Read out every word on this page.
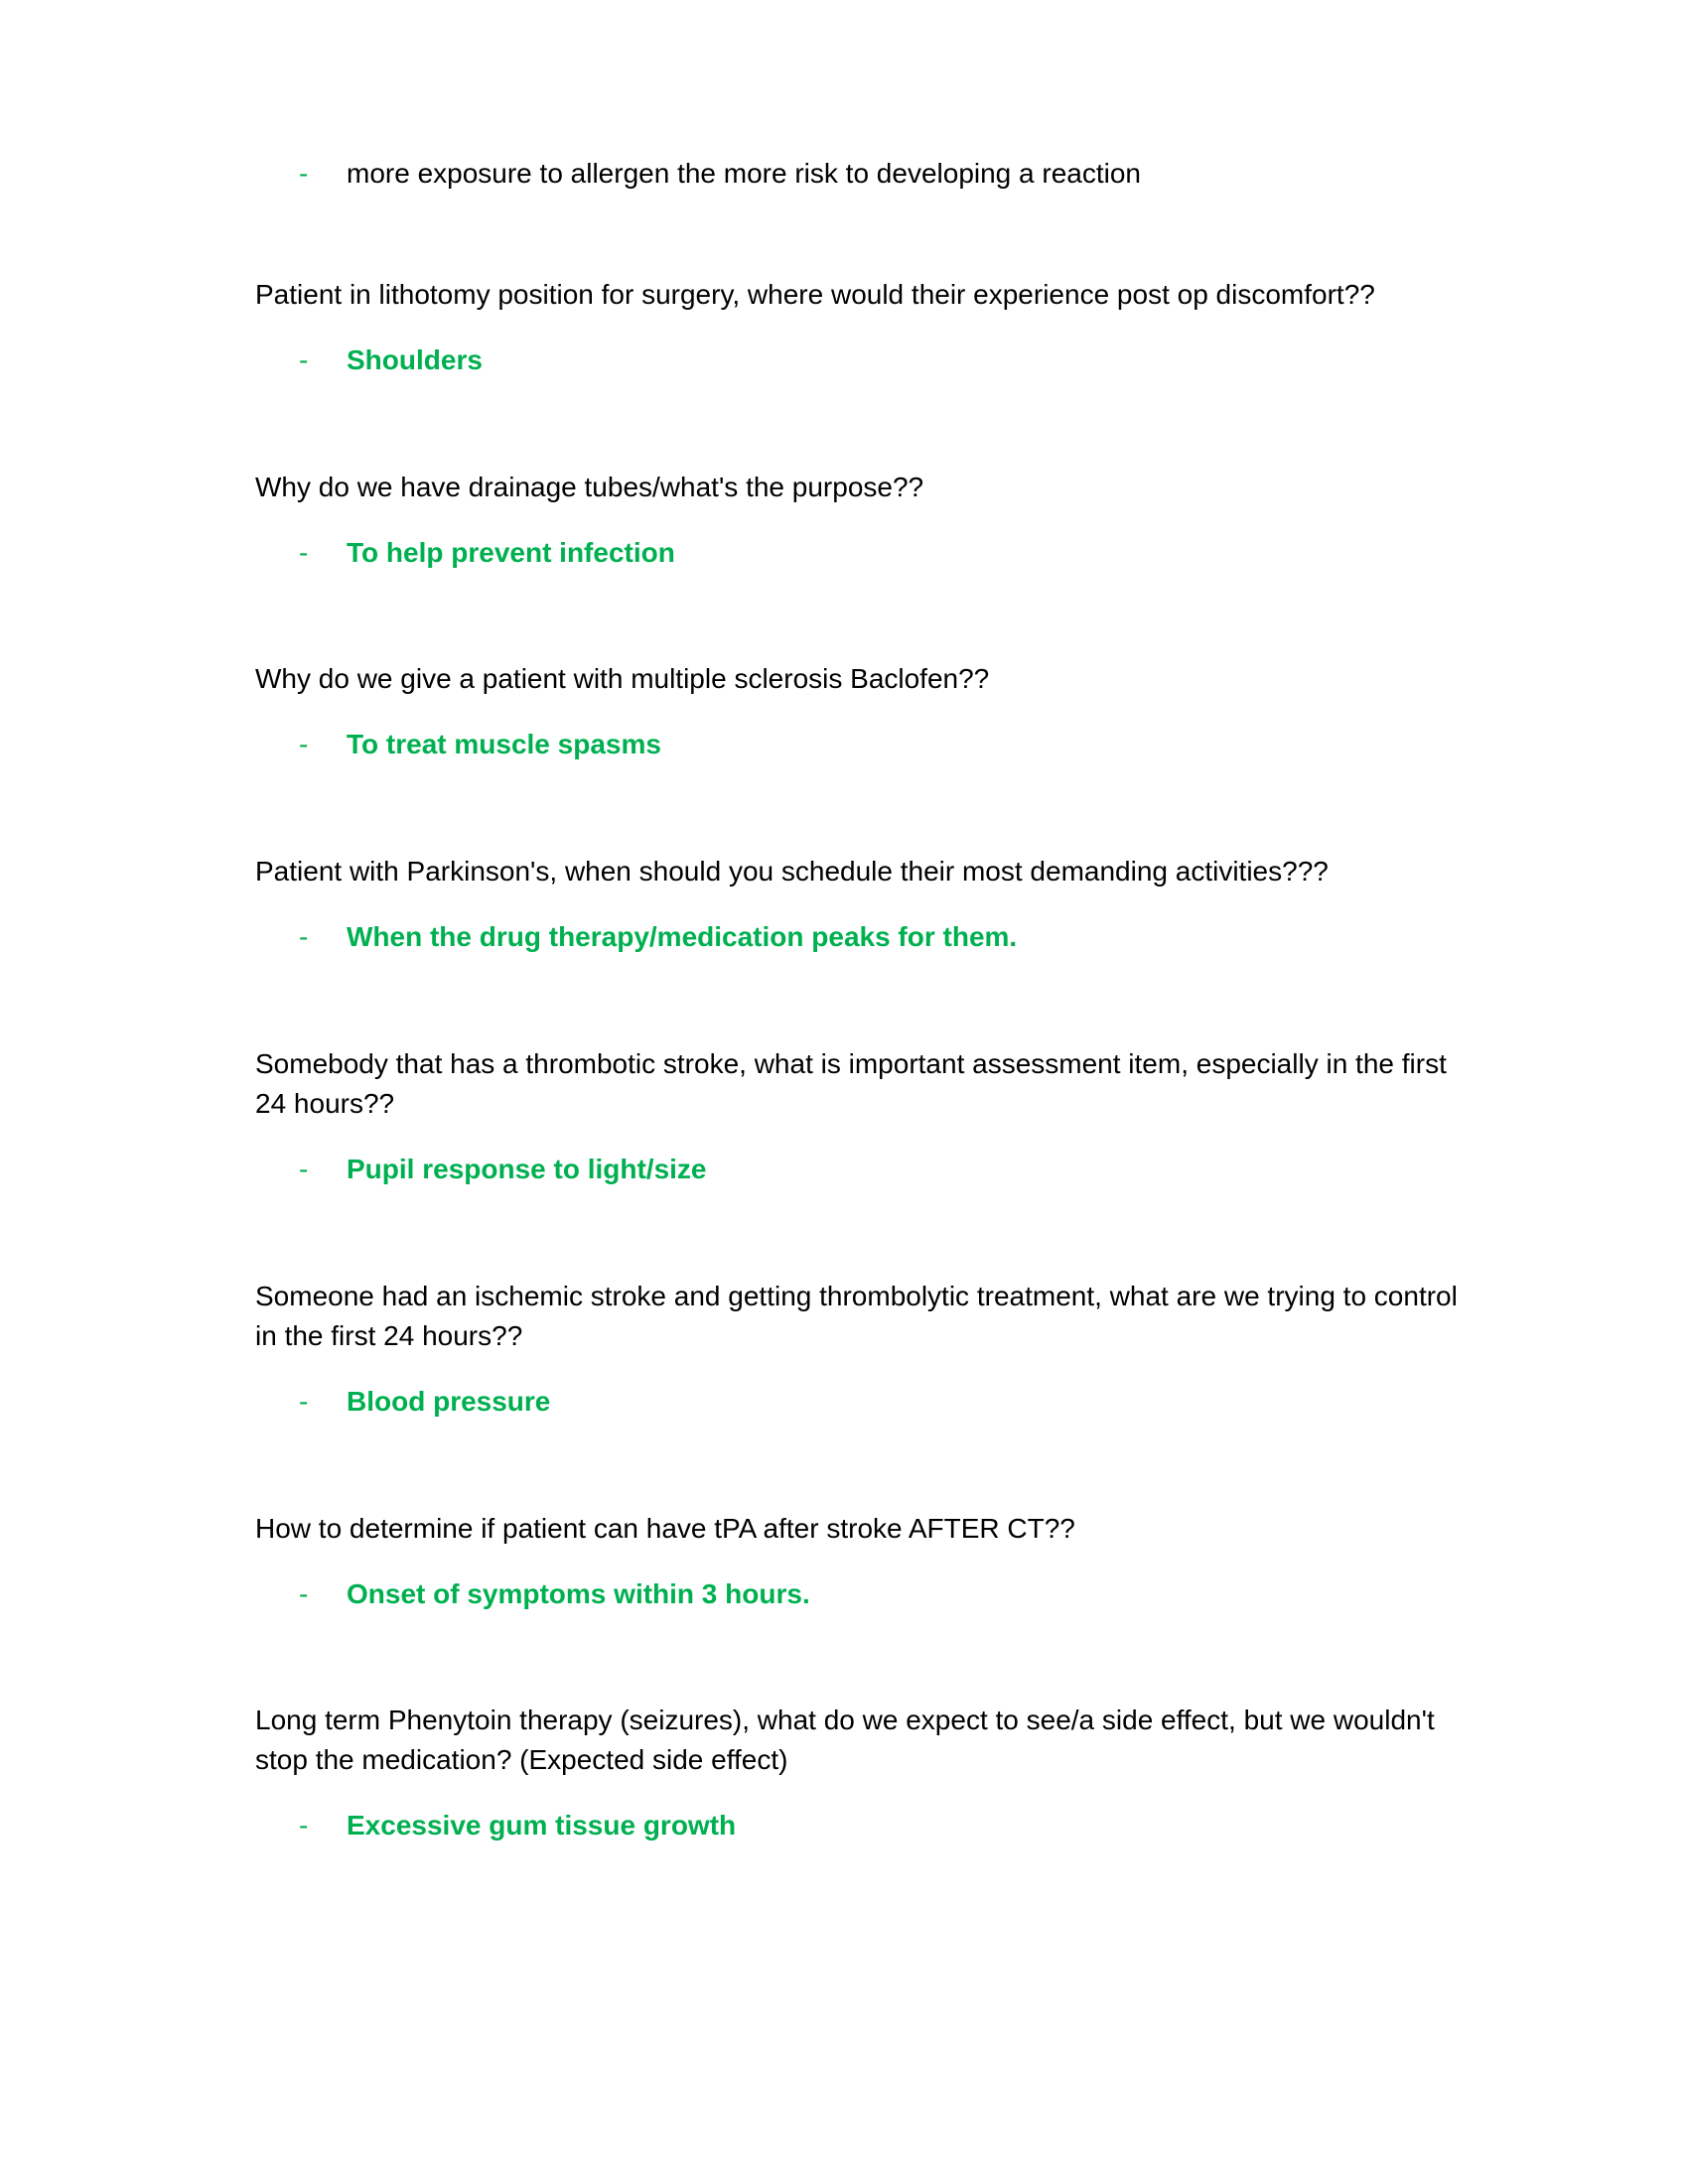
- more exposure to allergen the more risk to developing a reaction

Patient in lithotomy position for surgery, where would their experience post op discomfort??

- Shoulders

Why do we have drainage tubes/what's the purpose??

- To help prevent infection

Why do we give a patient with multiple sclerosis Baclofen??

- To treat muscle spasms

Patient with Parkinson's, when should you schedule their most demanding activities???

- When the drug therapy/medication peaks for them.

Somebody that has a thrombotic stroke, what is important assessment item, especially in the first 24 hours??

- Pupil response to light/size

Someone had an ischemic stroke and getting thrombolytic treatment, what are we trying to control in the first 24 hours??

- Blood pressure

How to determine if patient can have tPA after stroke AFTER CT??

- Onset of symptoms within 3 hours.

Long term Phenytoin therapy (seizures), what do we expect to see/a side effect, but we wouldn't stop the medication? (Expected side effect)

- Excessive gum tissue growth
